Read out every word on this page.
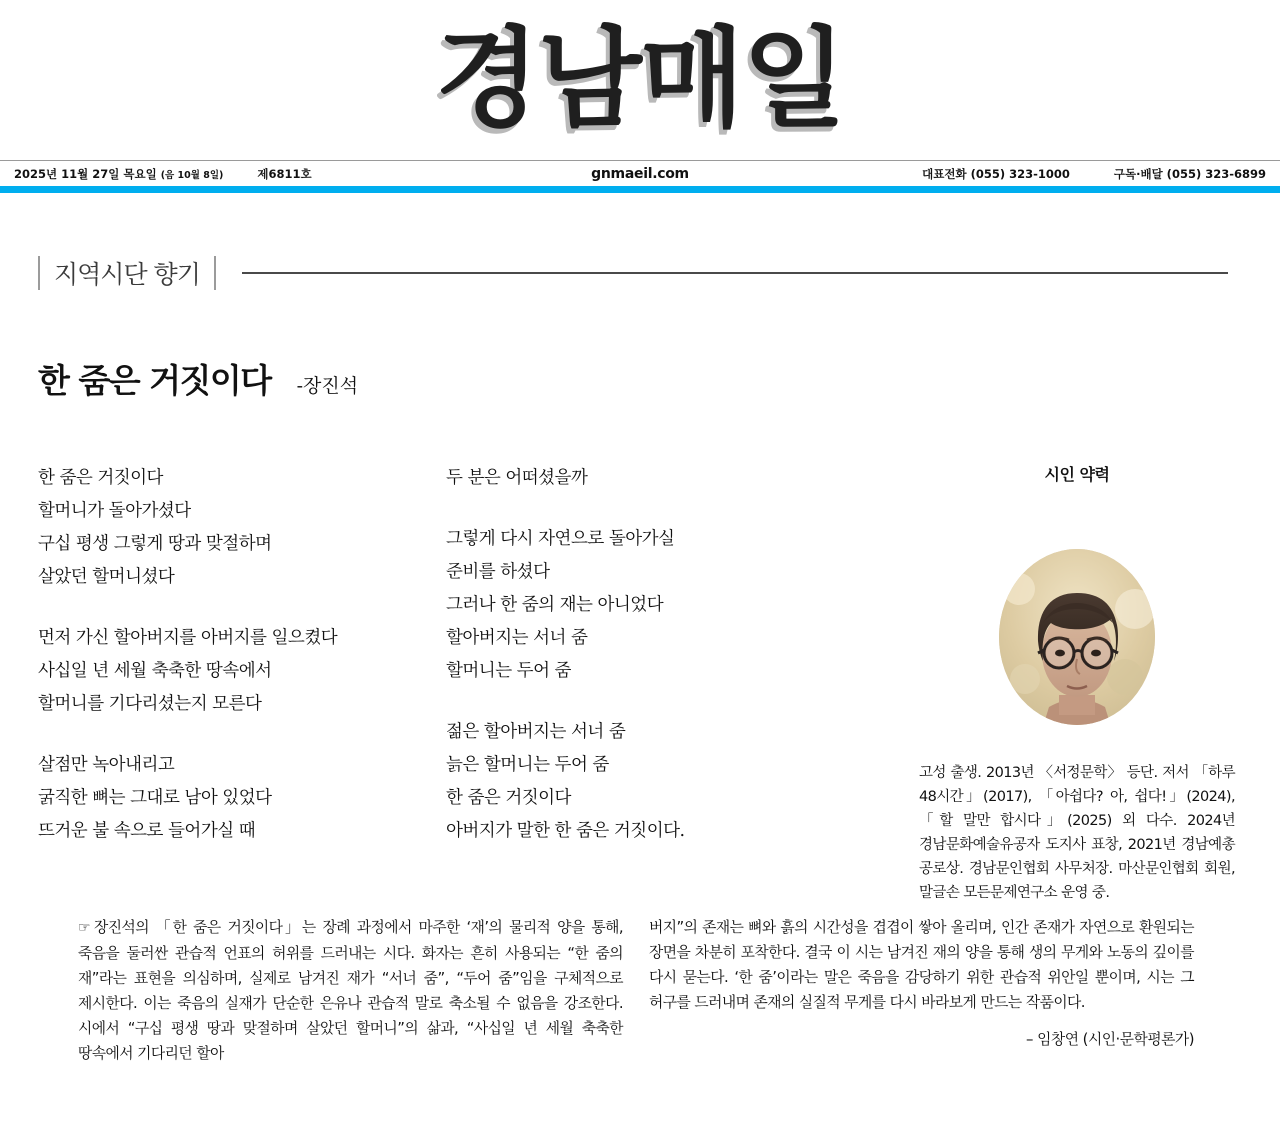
경남매일
2025년 11월 27일 목요일 (음 10월 8일)	제6811호	gnmaeil.com	대표전화 (055) 323-1000	구독·배달 (055) 323-6899
지역시단 향기
한 줌은 거짓이다 -장진석
한 줌은 거짓이다
할머니가 돌아가셨다
구십 평생 그렇게 땅과 맞절하며
살았던 할머니셨다
먼저 가신 할아버지를 아버지를 일으켰다
사십일 년 세월 축축한 땅속에서
할머니를 기다리셨는지 모른다
살점만 녹아내리고
굵직한 뼈는 그대로 남아 있었다
뜨거운 불 속으로 들어가실 때
두 분은 어떠셨을까
그렇게 다시 자연으로 돌아가실
준비를 하셨다
그러나 한 줌의 재는 아니었다
할아버지는 서너 줌
할머니는 두어 줌
젊은 할아버지는 서너 줌
늙은 할머니는 두어 줌
한 줌은 거짓이다
아버지가 말한 한 줌은 거짓이다.
시인 약력
고성 출생. 2013년 〈서정문학〉 등단. 저서 「하루 48시간」(2017), 「아쉽다? 아, 쉽다!」(2024), 「할 말만 합시다」(2025) 외 다수. 2024년 경남문화예술유공자 도지사 표창, 2021년 경남예총 공로상. 경남문인협회 사무처장. 마산문인협회 회원, 말글손 모든문제연구소 운영 중.
☞ 장진석의 「한 줌은 거짓이다」는 장례 과정에서 마주한 ‘재’의 물리적 양을 통해, 죽음을 둘러싼 관습적 언표의 허위를 드러내는 시다. 화자는 흔히 사용되는 “한 줌의 재”라는 표현을 의심하며, 실제로 남겨진 재가 “서너 줌”, “두어 줌”임을 구체적으로 제시한다. 이는 죽음의 실재가 단순한 은유나 관습적 말로 축소될 수 없음을 강조한다. 시에서 “구십 평생 땅과 맞절하며 살았던 할머니”의 삶과, “사십일 년 세월 축축한 땅속에서 기다리던 할아
버지”의 존재는 뼈와 흙의 시간성을 겹겹이 쌓아 올리며, 인간 존재가 자연으로 환원되는 장면을 차분히 포착한다. 결국 이 시는 남겨진 재의 양을 통해 생의 무게와 노동의 깊이를 다시 묻는다. ‘한 줌’이라는 말은 죽음을 감당하기 위한 관습적 위안일 뿐이며, 시는 그 허구를 드러내며 존재의 실질적 무게를 다시 바라보게 만드는 작품이다.
– 임창연 (시인·문학평론가)
